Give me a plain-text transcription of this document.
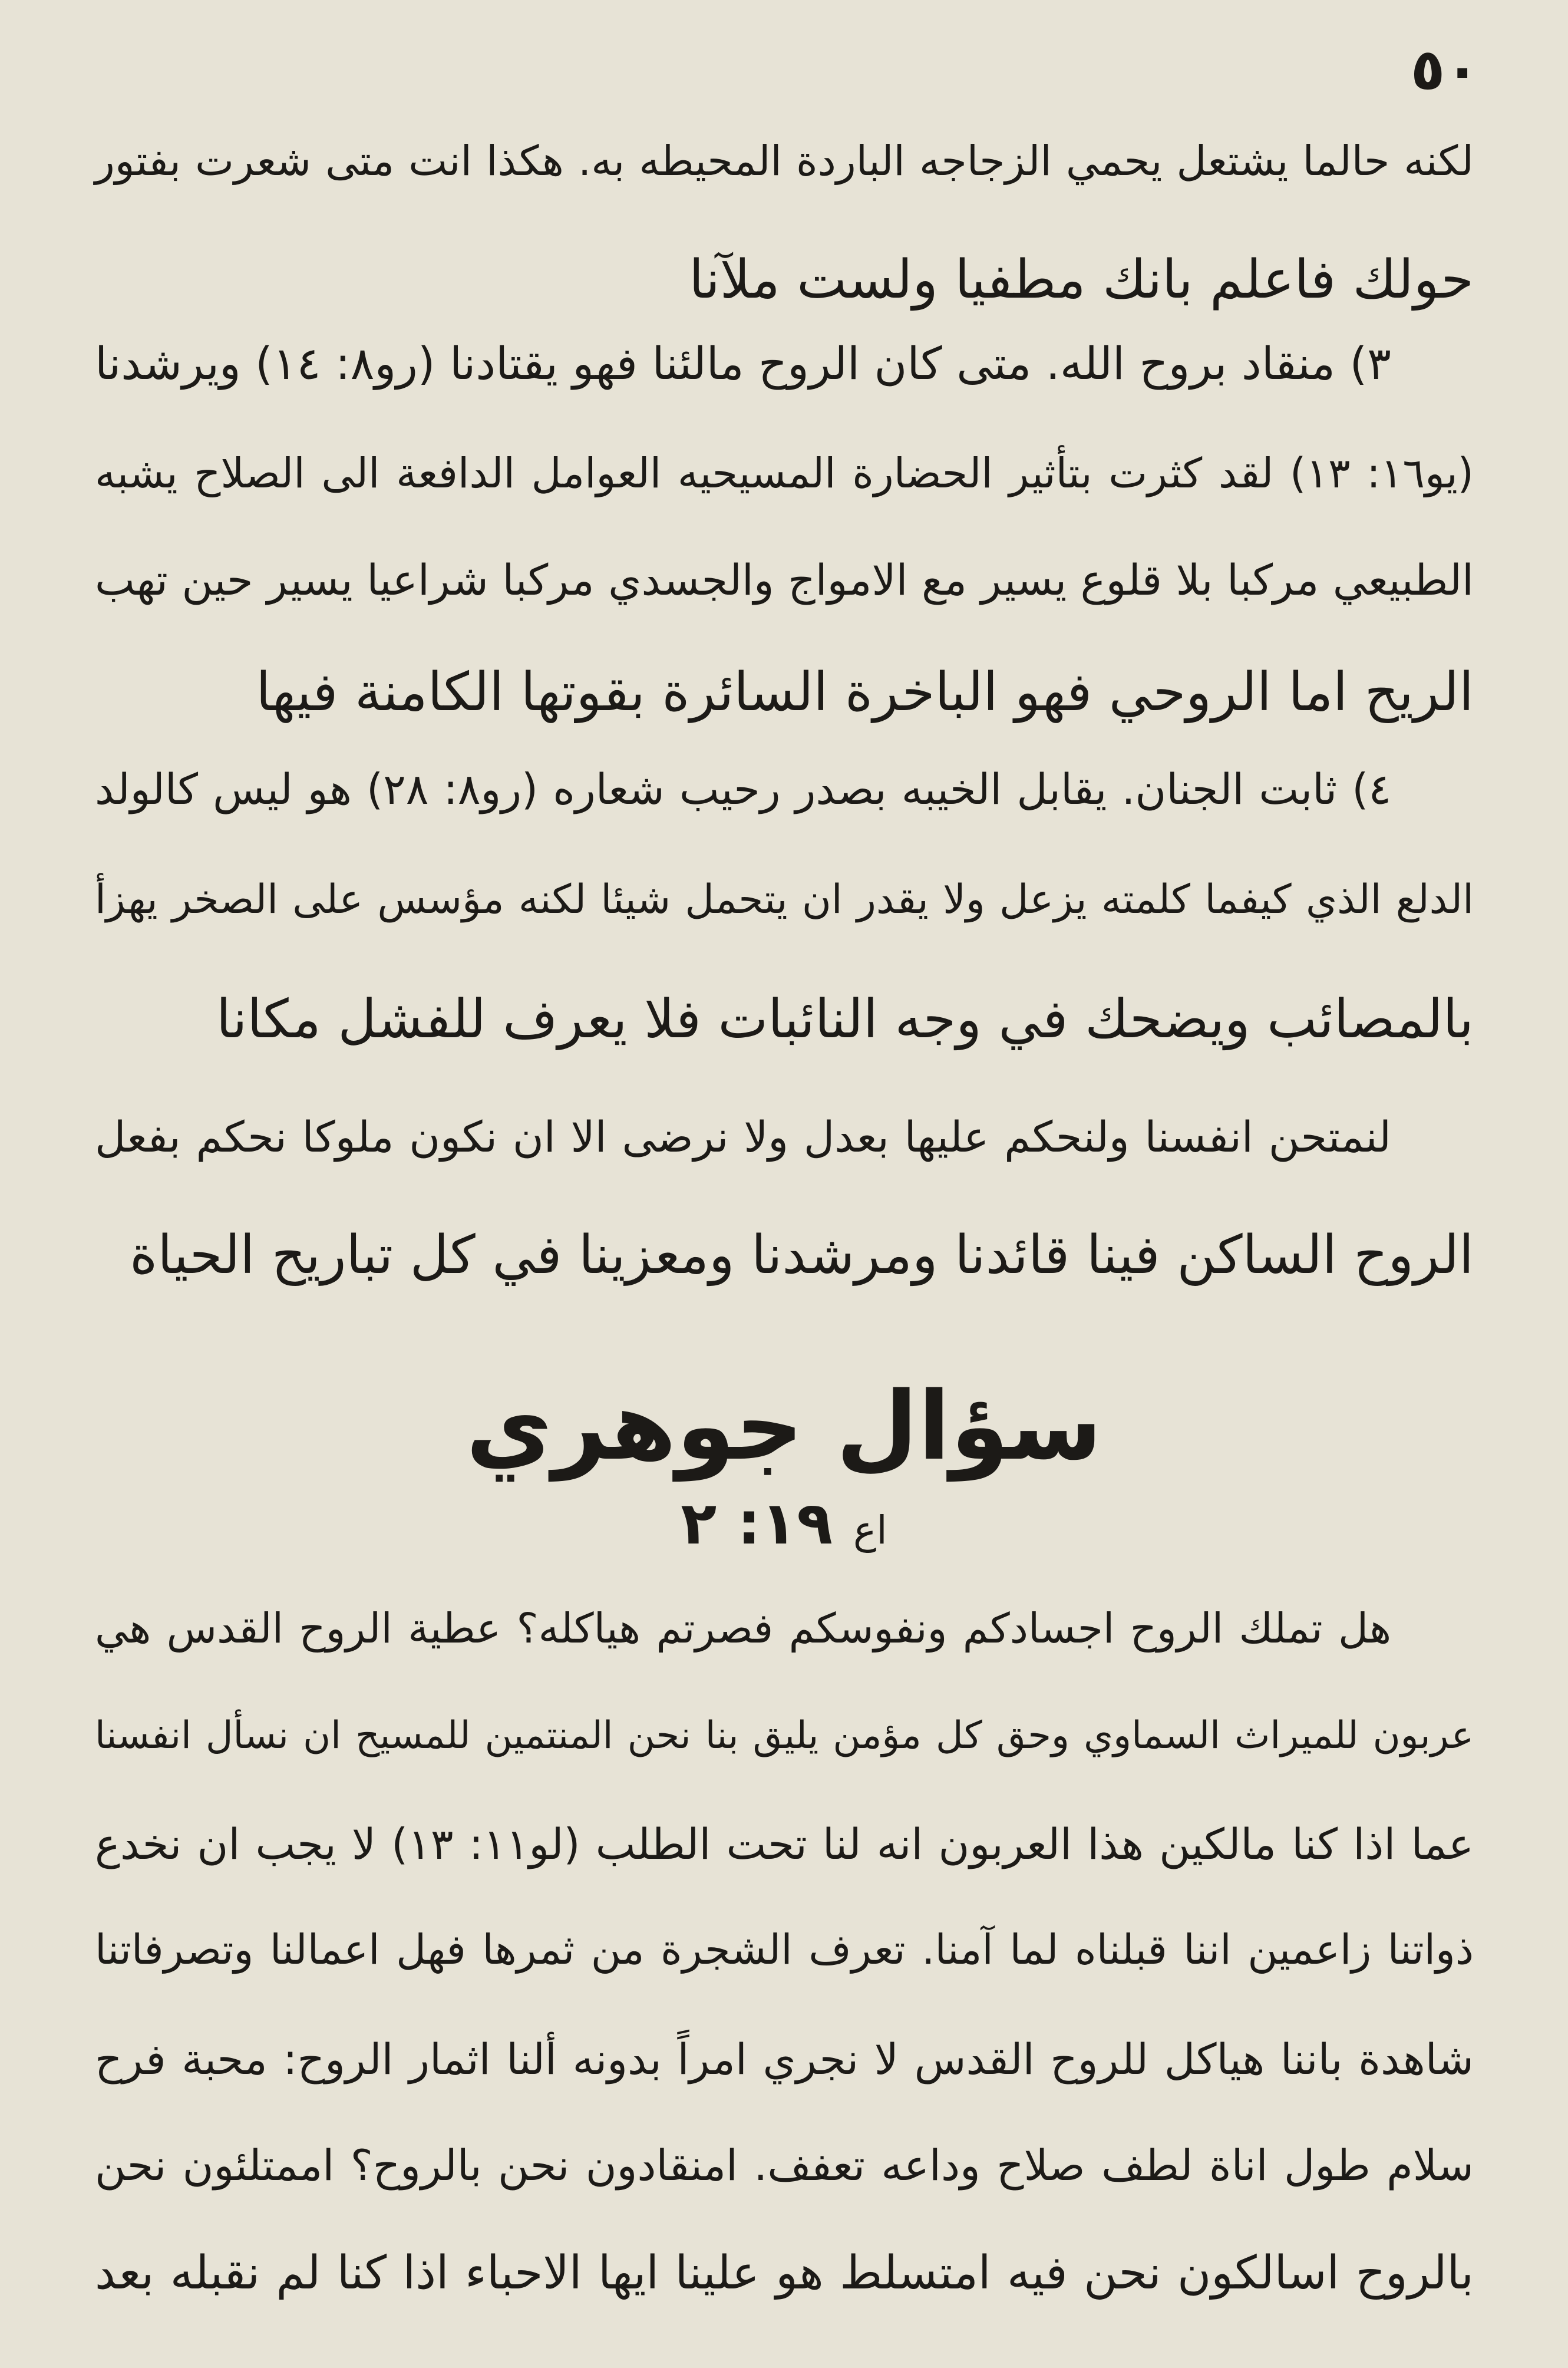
٥٠
لكنه حالما يشتعل يحمي الزجاجه الباردة المحيطه به. هكذا انت متى شعرت بفتور
حولك فاعلم بانك مطفيا ولست ملآنا
٣) منقاد بروح الله. متى كان الروح مالئنا فهو يقتادنا (رو٨: ١٤) ويرشدنا
(يو١٦: ١٣) لقد كثرت بتأثير الحضارة المسيحيه العوامل الدافعة الى الصلاح يشبه
الطبيعي مركبا بلا قلوع يسير مع الامواج والجسدي مركبا شراعيا يسير حين تهب
الريح اما الروحي فهو الباخرة السائرة بقوتها الكامنة فيها
٤) ثابت الجنان. يقابل الخيبه بصدر رحيب شعاره (رو٨: ٢٨) هو ليس كالولد
الدلع الذي كيفما كلمته يزعل ولا يقدر ان يتحمل شيئا لكنه مؤسس على الصخر يهزأ
بالمصائب ويضحك في وجه النائبات فلا يعرف للفشل مكانا
لنمتحن انفسنا ولنحكم عليها بعدل ولا نرضى الا ان نكون ملوكا نحكم بفعل
الروح الساكن فينا قائدنا ومرشدنا ومعزينا في كل تباريح الحياة
سؤال جوهري
اع ١٩: ٢
هل تملك الروح اجسادكم ونفوسكم فصرتم هياكله؟ عطية الروح القدس هي
عربون للميراث السماوي وحق كل مؤمن يليق بنا نحن المنتمين للمسيح ان نسأل انفسنا
عما اذا كنا مالكين هذا العربون انه لنا تحت الطلب (لو١١: ١٣) لا يجب ان نخدع
ذواتنا زاعمين اننا قبلناه لما آمنا. تعرف الشجرة من ثمرها فهل اعمالنا وتصرفاتنا
شاهدة باننا هياكل للروح القدس لا نجري امراً بدونه ألنا اثمار الروح: محبة فرح
سلام طول اناة لطف صلاح وداعه تعفف. امنقادون نحن بالروح؟ اممتلئون نحن
بالروح اسالكون نحن فيه امتسلط هو علينا ايها الاحباء اذا كنا لم نقبله بعد
